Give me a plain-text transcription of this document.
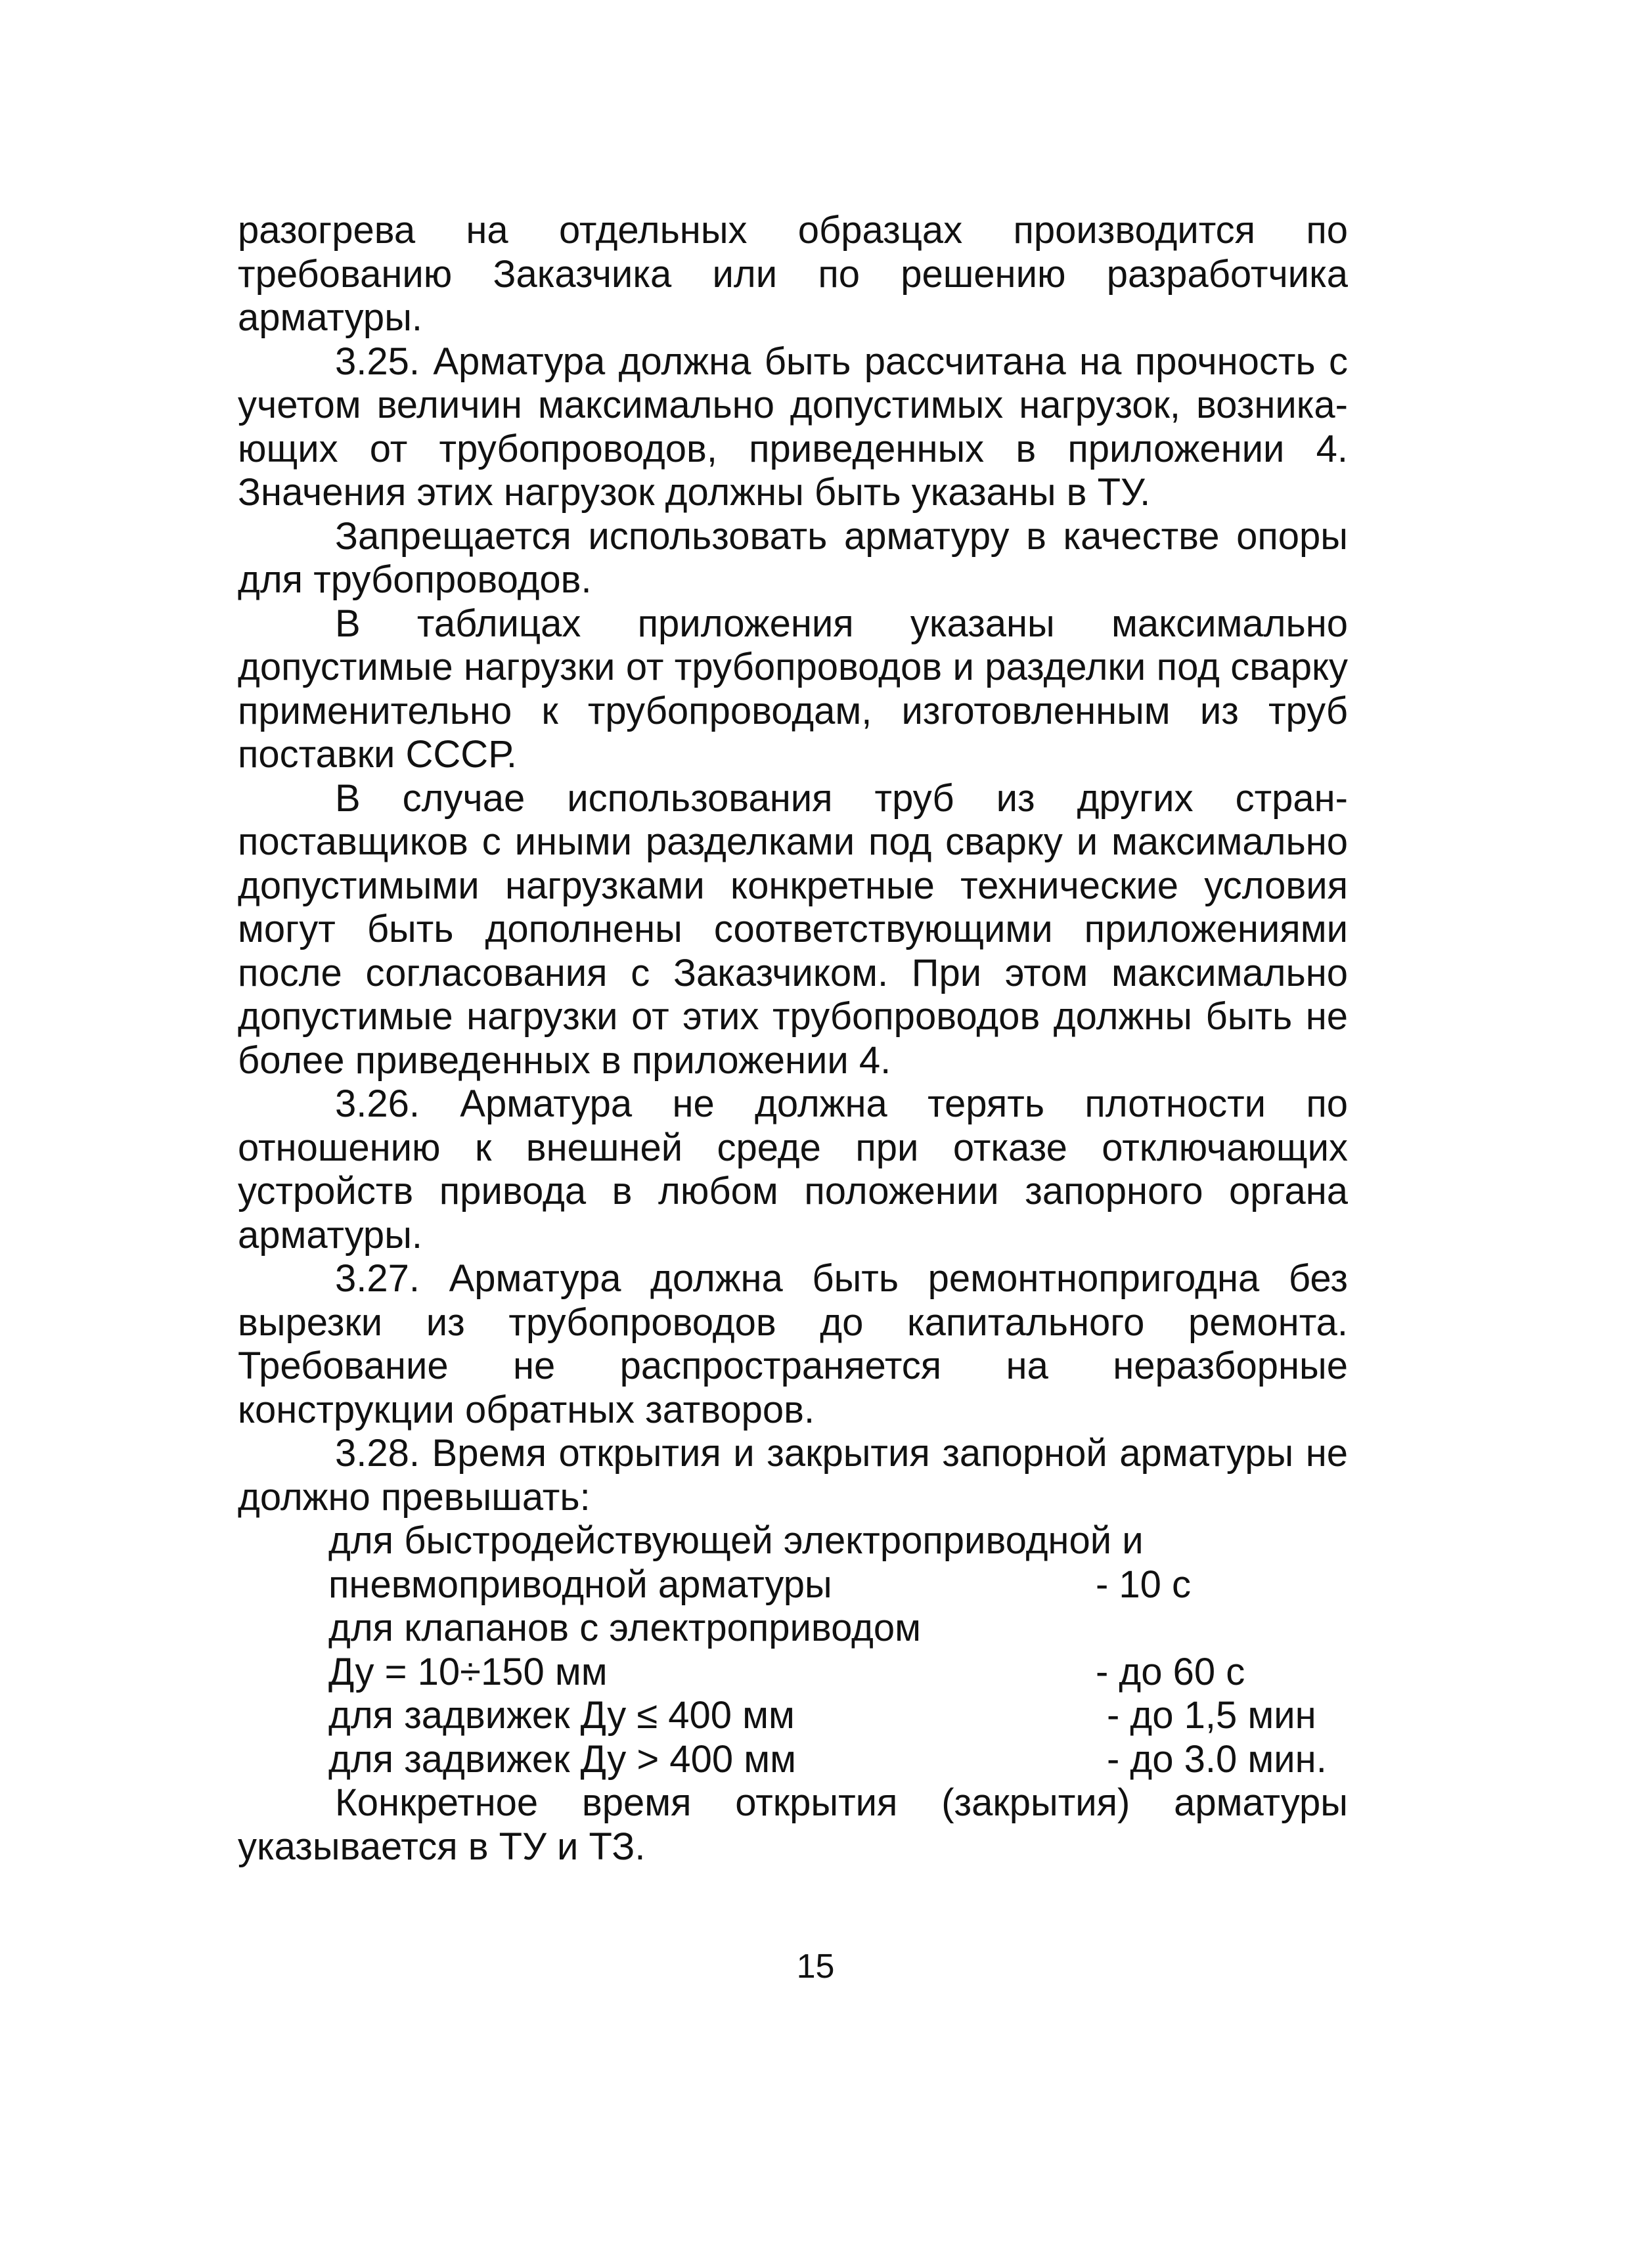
разогрева на отдельных образцах производится по требованию Заказчика или по решению разработчика арматуры.

3.25. Арматура должна быть рассчитана на прочность с учетом величин максимально допустимых нагрузок, возника-ющих от трубопроводов, приведенных в приложении 4. Значения этих нагрузок должны быть указаны в ТУ.

Запрещается использовать арматуру в качестве опоры для трубопроводов.

В таблицах приложения указаны максимально допустимые нагрузки от трубопроводов и разделки под сварку применительно к трубопроводам, изготовленным из труб поставки СССР.

В случае использования труб из других стран-поставщиков с иными разделками под сварку и максимально допустимыми нагрузками конкретные технические условия могут быть дополнены соответствующими приложениями после согласования с Заказчиком. При этом максимально допустимые нагрузки от этих трубопроводов должны быть не более приведенных в приложении 4.

3.26. Арматура не должна терять плотности по отношению к внешней среде при отказе отключающих устройств привода в любом положении запорного органа арматуры.

3.27. Арматура должна быть ремонтнопригодна без вырезки из трубопроводов до капитального ремонта. Требование не распространяется на неразборные конструкции обратных затворов.

3.28. Время открытия и закрытия запорной арматуры не должно превышать:

для быстродействующей электроприводной и
пневмоприводной арматуры	- 10 с
для клапанов с электроприводом
Ду = 10÷150 мм	- до 60 с
для задвижек Ду ≤ 400 мм	- до 1,5 мин
для задвижек Ду > 400 мм	- до 3.0 мин.

Конкретное время открытия (закрытия) арматуры указывается в ТУ и ТЗ.

15
